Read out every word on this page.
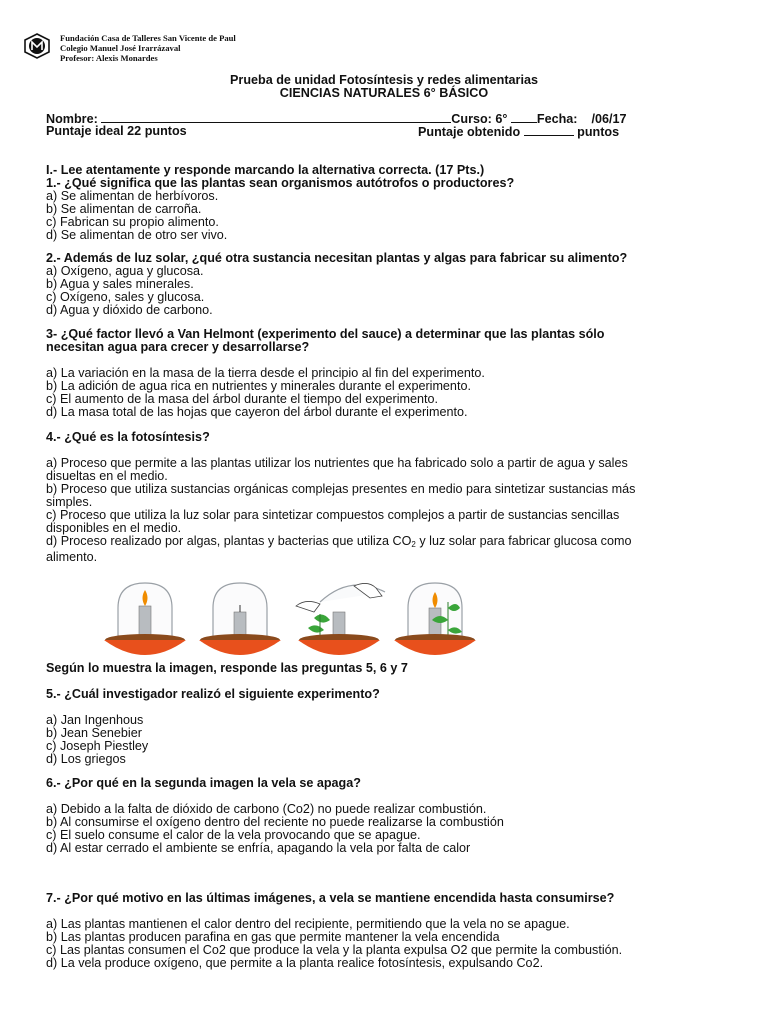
Fundación Casa de Talleres San Vicente de Paul
Colegio Manuel José Irarrázaval
Profesor: Alexis Monardes
Prueba de unidad Fotosíntesis y redes alimentarias
CIENCIAS NATURALES 6° BÁSICO
Nombre:	Curso: 6° Fecha: /06/17
Puntaje ideal 22 puntos	Puntaje obtenido	puntos
I.- Lee atentamente y responde marcando la alternativa correcta. (17 Pts.)
1.- ¿Qué significa que las plantas sean organismos autótrofos o productores?
a) Se alimentan de herbívoros.
b) Se alimentan de carroña.
c) Fabrican su propio alimento.
d) Se alimentan de otro ser vivo.
2.- Además de luz solar, ¿qué otra sustancia necesitan plantas y algas para fabricar su alimento?
a) Oxígeno, agua y glucosa.
b) Agua y sales minerales.
c) Oxígeno, sales y glucosa.
d) Agua y dióxido de carbono.
3- ¿Qué factor llevó a Van Helmont (experimento del sauce) a determinar que las plantas sólo
necesitan agua para crecer y desarrollarse?
a) La variación en la masa de la tierra desde el principio al fin del experimento.
b) La adición de agua rica en nutrientes y minerales durante el experimento.
c) El aumento de la masa del árbol durante el tiempo del experimento.
d) La masa total de las hojas que cayeron del árbol durante el experimento.
4.- ¿Qué es la fotosíntesis?
a) Proceso que permite a las plantas utilizar los nutrientes que ha fabricado solo a partir de agua y sales
disueltas en el medio.
b) Proceso que utiliza sustancias orgánicas complejas presentes en medio para sintetizar sustancias más
simples.
c) Proceso que utiliza la luz solar para sintetizar compuestos complejos a partir de sustancias sencillas
disponibles en el medio.
d) Proceso realizado por algas, plantas y bacterias que utiliza $CO_2$ y luz solar para fabricar glucosa como
alimento.
Según lo muestra la imagen, responde las preguntas 5, 6 y 7
5.- ¿Cuál investigador realizó el siguiente experimento?
a) Jan Ingenhous
b) Jean Senebier
c) Joseph Piestley
d) Los griegos
6.- ¿Por qué en la segunda imagen la vela se apaga?
a) Debido a la falta de dióxido de carbono (Co2) no puede realizar combustión.
b) Al consumirse el oxígeno dentro del reciente no puede realizarse la combustión
c) El suelo consume el calor de la vela provocando que se apague.
d) Al estar cerrado el ambiente se enfría, apagando la vela por falta de calor
7.- ¿Por qué motivo en las últimas imágenes, a vela se mantiene encendida hasta consumirse?
a) Las plantas mantienen el calor dentro del recipiente, permitiendo que la vela no se apague.
b) Las plantas producen parafina en gas que permite mantener la vela encendida
c) Las plantas consumen el Co2 que produce la vela y la planta expulsa O2 que permite la combustión.
d) La vela produce oxígeno, que permite a la planta realice fotosíntesis, expulsando Co2.
